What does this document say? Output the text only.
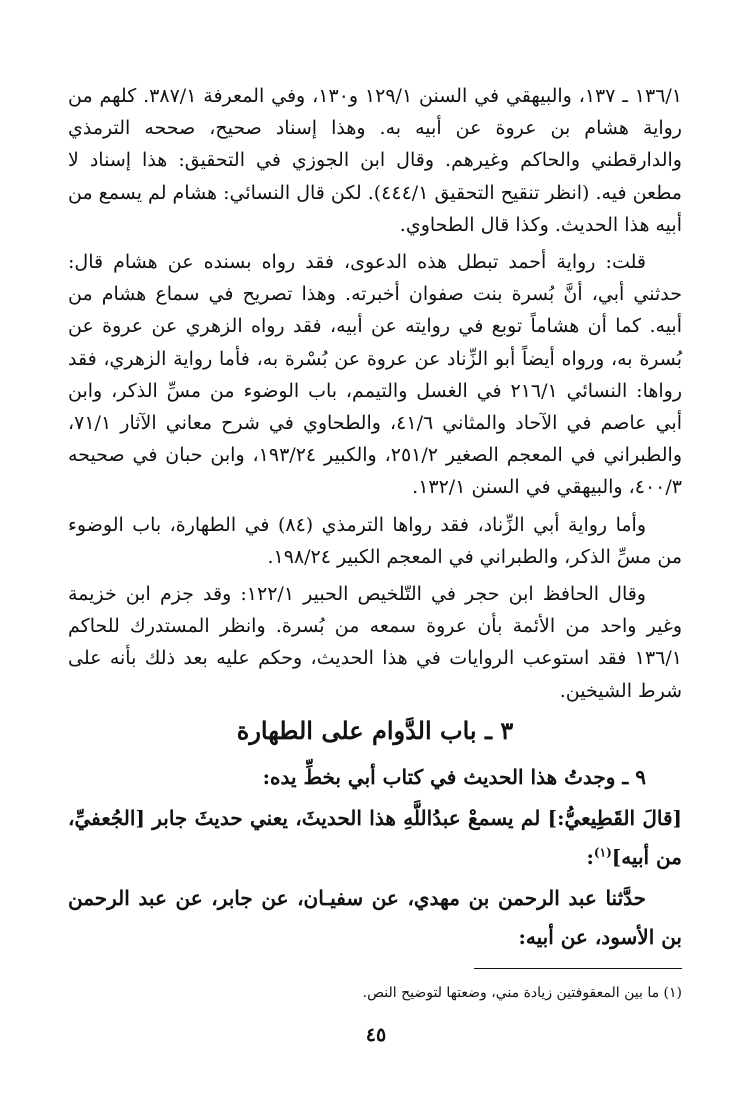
١٣٦/١ ـ ١٣٧، والبيهقي في السنن ١٢٩/١ و١٣٠، وفي المعرفة ٣٨٧/١. كلهم من رواية هشام بن عروة عن أبيه به. وهذا إسناد صحيح، صححه الترمذي والدارقطني والحاكم وغيرهم. وقال ابن الجوزي في التحقيق: هذا إسناد لا مطعن فيه. (انظر تنقيح التحقيق ٤٤٤/١). لكن قال النسائي: هشام لم يسمع من أبيه هذا الحديث. وكذا قال الطحاوي.

قلت: رواية أحمد تبطل هذه الدعوى، فقد رواه بسنده عن هشام قال: حدثني أبي، أنَّ بُسرة بنت صفوان أخبرته. وهذا تصريح في سماع هشام من أبيه. كما أن هشاماً توبع في روايته عن أبيه، فقد رواه الزهري عن عروة عن بُسرة به، ورواه أيضاً أبو الزِّناد عن عروة عن بُسْرة به، فأما رواية الزهري، فقد رواها: النسائي ٢١٦/١ في الغسل والتيمم، باب الوضوء من مسِّ الذكر، وابن أبي عاصم في الآحاد والمثاني ٤١/٦، والطحاوي في شرح معاني الآثار ٧١/١، والطبراني في المعجم الصغير ٢٥١/٢، والكبير ١٩٣/٢٤، وابن حبان في صحيحه ٤٠٠/٣، والبيهقي في السنن ١٣٢/١.

وأما رواية أبي الزِّناد، فقد رواها الترمذي (٨٤) في الطهارة، باب الوضوء من مسِّ الذكر، والطبراني في المعجم الكبير ١٩٨/٢٤.

وقال الحافظ ابن حجر في التّلخيص الحبير ١٢٢/١: وقد جزم ابن خزيمة وغير واحد من الأئمة بأن عروة سمعه من بُسرة. وانظر المستدرك للحاكم ١٣٦/١ فقد استوعب الروايات في هذا الحديث، وحكم عليه بعد ذلك بأنه على شرط الشيخين.

٣ ـ باب الدَّوام على الطهارة

٩ ـ وجدتُ هذا الحديث في كتاب أبي بخطِّ يده:

[قالَ القَطِيعيُّ:] لم يسمعْ عبدُاللَّهِ هذا الحديثَ، يعني حديثَ جابر [الجُعفيِّ، من أبيه]$^{(١)}$:

حدَّثنا عبد الرحمن بن مهدي، عن سفيـان، عن جابر، عن عبد الرحمن بن الأسود، عن أبيه:

(١) ما بين المعقوفتين زيادة مني، وضعتها لتوضيح النص.
٤٥
